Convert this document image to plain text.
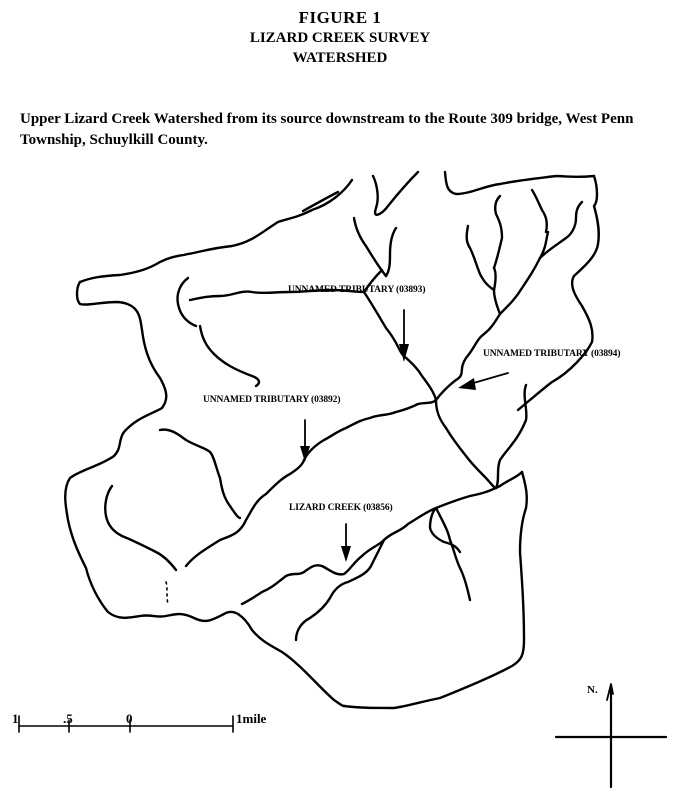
FIGURE 1
LIZARD CREEK SURVEY
WATERSHED
Upper Lizard Creek Watershed from its source downstream to the Route 309 bridge, West Penn Township, Schuylkill County.
UNNAMED TRIBUTARY (03893)
UNNAMED TRIBUTARY (03894)
UNNAMED TRIBUTARY (03892)
LIZARD CREEK (03856)
1	.5	0	1mile
N.
